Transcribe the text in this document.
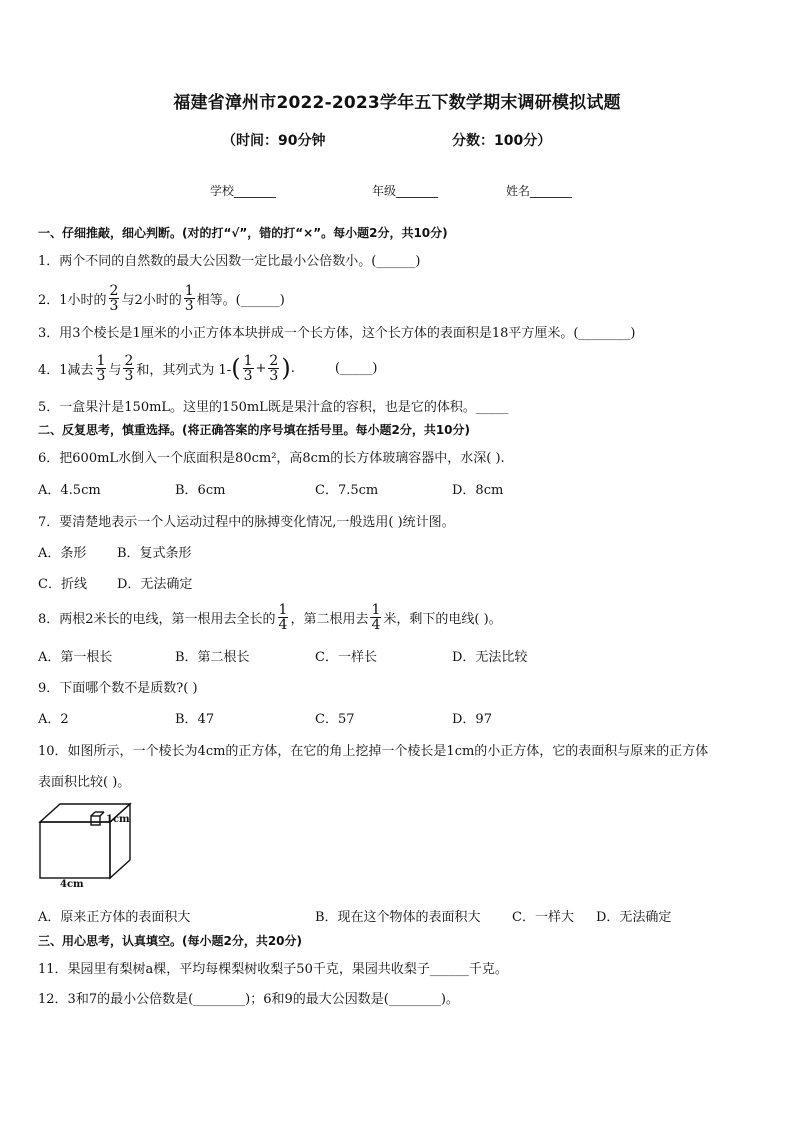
福建省漳州市2022-2023学年五下数学期末调研模拟试题
（时间：90分钟	分数：100分）
学校_______	年级_______	姓名_______
一、仔细推敲，细心判断。(对的打“√”，错的打“×”。每小题2分，共10分)
1．两个不同的自然数的最大公因数一定比最小公倍数小。(______)
2．1小时的 $\frac{2}{3}$ 与2小时的 $\frac{1}{3}$ 相等。(______)
3．用3个棱长是1厘米的小正方体本块拼成一个长方体，这个长方体的表面积是18平方厘米。(________)
4．1减去 $\frac{1}{3}$ 与 $\frac{2}{3}$ 和，其列式为 1- ( $\frac{1}{3} + \frac{2}{3}$ ) .	(_____)
5．一盒果汁是150mL。这里的150mL既是果汁盒的容积，也是它的体积。_____
二、反复思考，慎重选择。(将正确答案的序号填在括号里。每小题2分，共10分)
6．把600mL水倒入一个底面积是80cm²，高8cm的长方体玻璃容器中，水深( ).
A．4.5cm	B．6cm	C．7.5cm	D．8cm
7．要清楚地表示一个人运动过程中的脉搏变化情况,一般选用( )统计图。
A．条形 B．复式条形
C．折线 D．无法确定
8．两根2米长的电线，第一根用去全长的 $\frac{1}{4}$ ，第二根用去 $\frac{1}{4}$ 米，剩下的电线( )。
A．第一根长	B．第二根长	C．一样长	D．无法比较
9．下面哪个数不是质数?( )
A．2	B．47	C．57	D．97
10．如图所示，一个棱长为4cm的正方体，在它的角上挖掉一个棱长是1cm的小正方体，它的表面积与原来的正方体
表面积比较( )。
1cm
4cm
A．原来正方体的表面积大	B．现在这个物体的表面积大 C．一样大 D．无法确定
三、用心思考，认真填空。(每小题2分，共20分)
11．果园里有梨树a棵，平均每棵梨树收梨子50千克，果园共收梨子______千克。
12．3和7的最小公倍数是(________)；6和9的最大公因数是(________)。
